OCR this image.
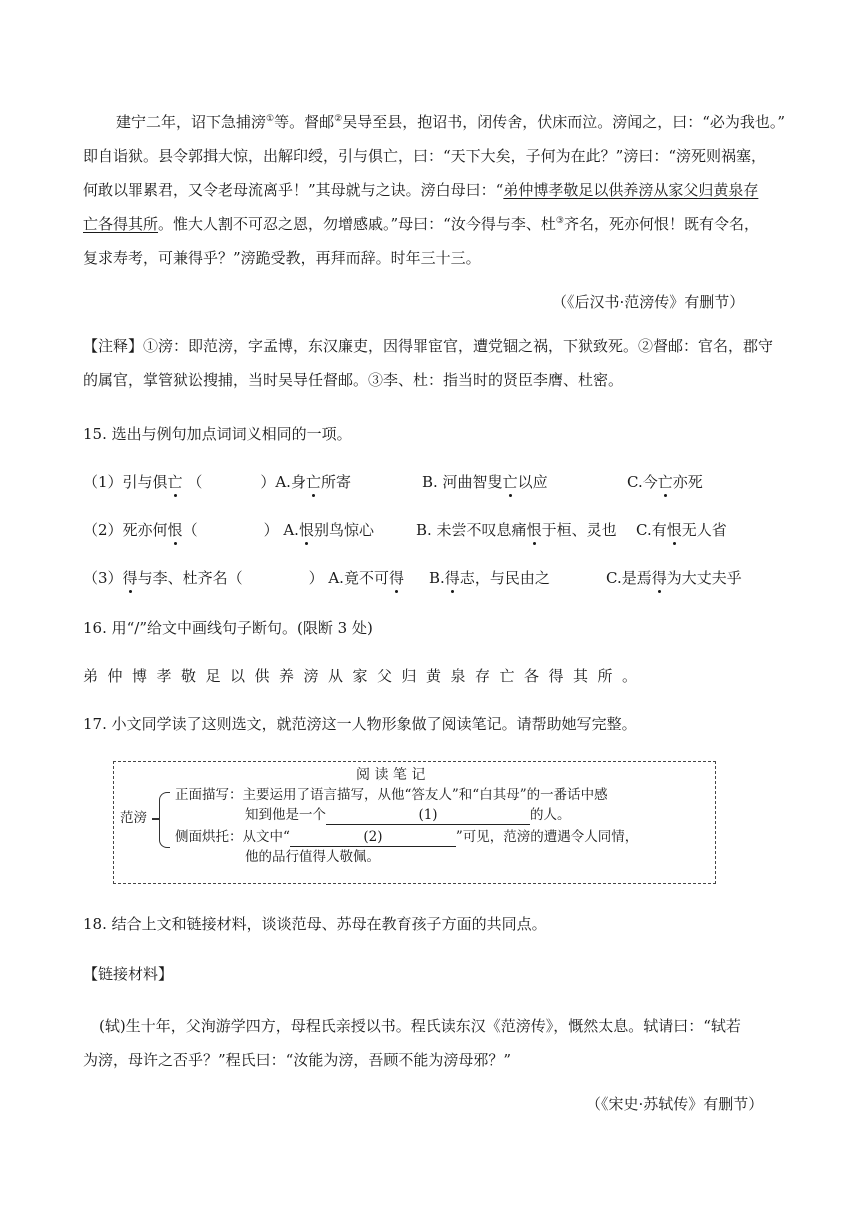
建宁二年，诏下急捕滂①等。督邮②吴导至县，抱诏书，闭传舍，伏床而泣。滂闻之，曰：“必为我也。”
即自诣狱。县令郭揖大惊，出解印绶，引与俱亡，曰：“天下大矣，子何为在此？”滂曰：“滂死则祸塞，
何敢以罪累君，又令老母流离乎！”其母就与之诀。滂白母曰：“弟仲博孝敬足以供养滂从家父归黄泉存
亡各得其所。惟大人割不可忍之恩，勿增感戚。”母曰：“汝今得与李、杜③齐名，死亦何恨！既有令名，
复求寿考，可兼得乎？”滂跪受教，再拜而辞。时年三十三。
（《后汉书·范滂传》有删节）
【注释】①滂：即范滂，字孟博，东汉廉吏，因得罪宦官，遭党锢之祸，下狱致死。②督邮：官名，郡守
的属官，掌管狱讼搜捕，当时吴导任督邮。③李、杜：指当时的贤臣李膺、杜密。
15. 选出与例句加点词词义相同的一项。
（1）引与俱亡 （	）A.身亡所寄	B. 河曲智叟亡以应	C.今亡亦死
（2）死亦何恨（	） A.恨别鸟惊心	B. 未尝不叹息痛恨于桓、灵也 C.有恨无人省
（3）得与李、杜齐名（	） A.竟不可得 B.得志，与民由之	C.是焉得为大丈夫乎
16. 用“/”给文中画线句子断句。(限断 3 处)
弟仲博孝敬足以供养滂从家父归黄泉存亡各得其所。
17. 小文同学读了这则选文，就范滂这一人物形象做了阅读笔记。请帮助她写完整。
阅 读 笔 记
范滂
正面描写：主要运用了语言描写，从他“答友人”和“白其母”的一番话中感
知到他是一个	(1)	的人。
侧面烘托：从文中“	(2)	”可见，范滂的遭遇令人同情，
他的品行值得人敬佩。
18. 结合上文和链接材料，谈谈范母、苏母在教育孩子方面的共同点。
【链接材料】
(轼)生十年，父洵游学四方，母程氏亲授以书。程氏读东汉《范滂传》，慨然太息。轼请曰：“轼若
为滂，母许之否乎？”程氏曰：“汝能为滂，吾顾不能为滂母邪？”
（《宋史·苏轼传》有删节）
